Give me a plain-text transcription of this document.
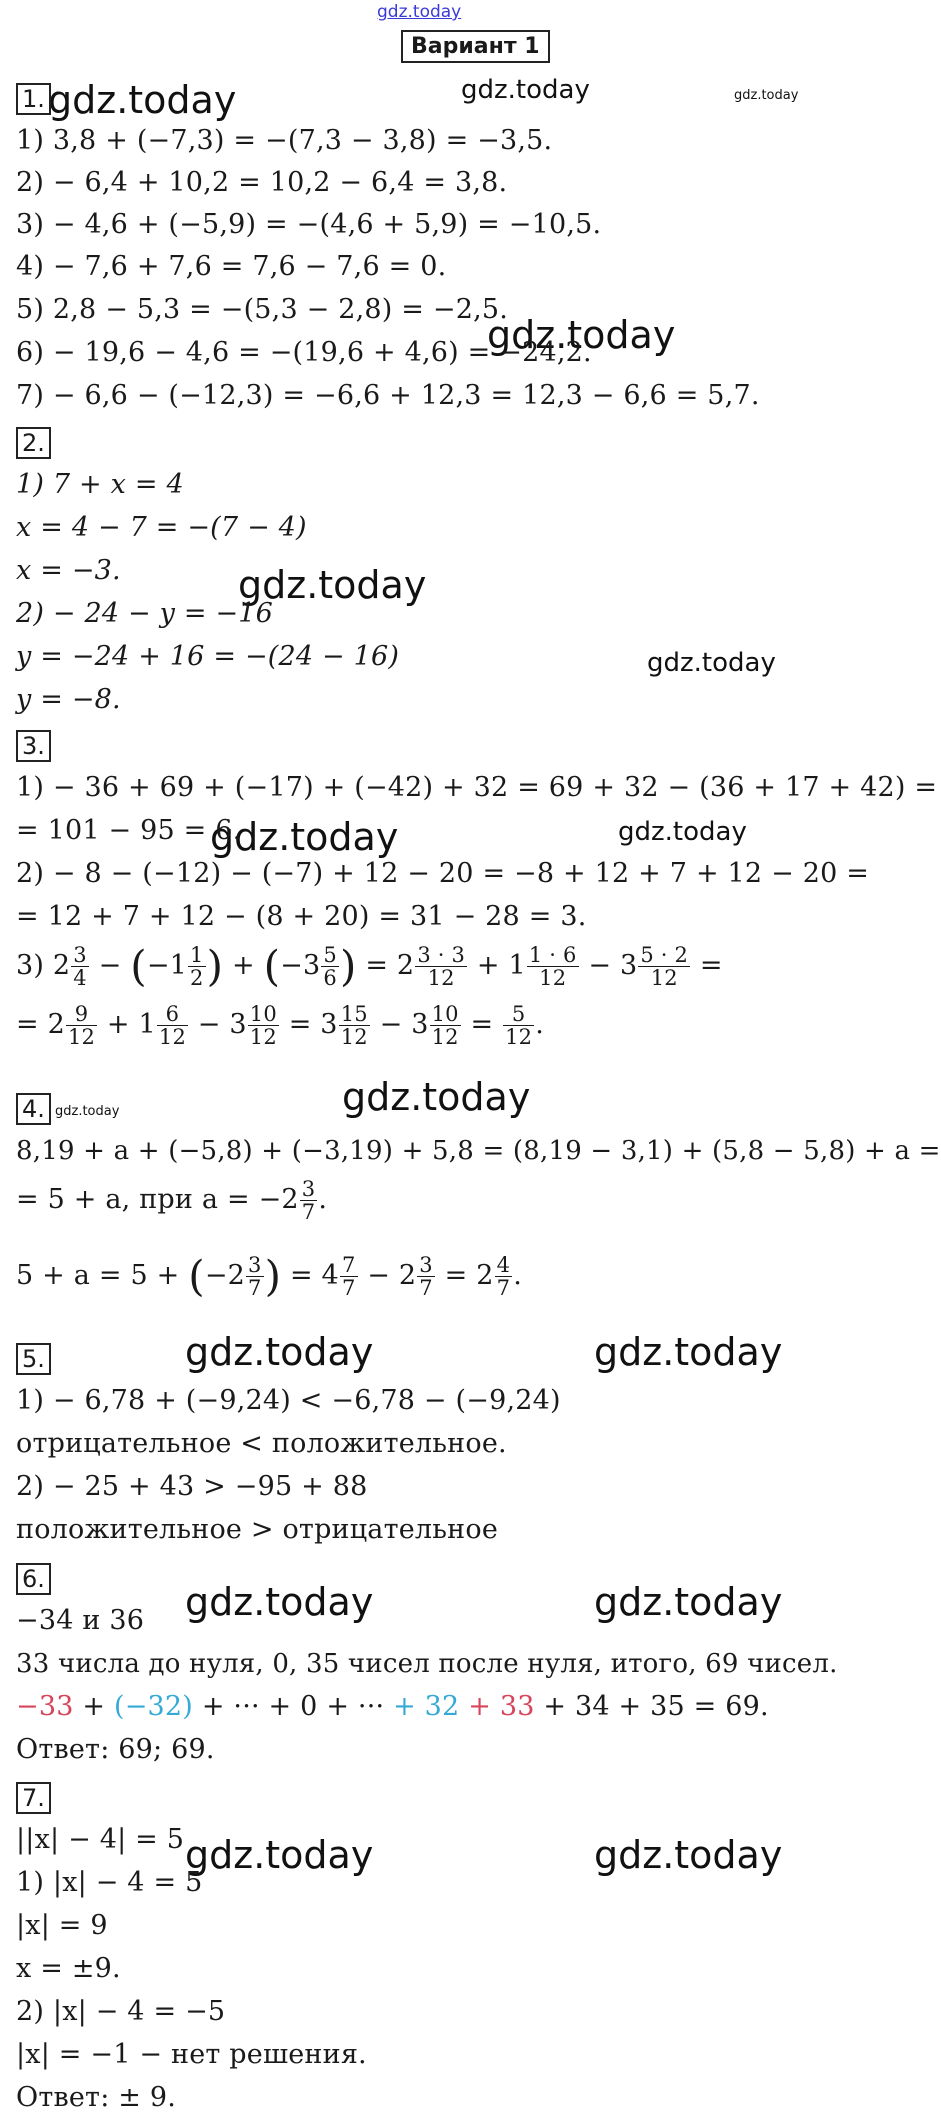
gdz.today
Вариант 1
gdz.today	gdz.today	gdz.today
gdz.today
gdz.today
gdz.today
gdz.today	gdz.today
gdz.today
gdz.today
gdz.today	gdz.today
gdz.today	gdz.today
gdz.today	gdz.today
1.
1) 3,8 + (−7,3) = −(7,3 − 3,8) = −3,5.
2) − 6,4 + 10,2 = 10,2 − 6,4 = 3,8.
3) − 4,6 + (−5,9) = −(4,6 + 5,9) = −10,5.
4) − 7,6 + 7,6 = 7,6 − 7,6 = 0.
5) 2,8 − 5,3 = −(5,3 − 2,8) = −2,5.
6) − 19,6 − 4,6 = −(19,6 + 4,6) = −24,2.
7) − 6,6 − (−12,3) = −6,6 + 12,3 = 12,3 − 6,6 = 5,7.
2.
1) 7 + x = 4
x = 4 − 7 = −(7 − 4)
x = −3.
2) − 24 − y = −16
y = −24 + 16 = −(24 − 16)
y = −8.
3.
1) − 36 + 69 + (−17) + (−42) + 32 = 69 + 32 − (36 + 17 + 42) =
= 101 − 95 = 6.
2) − 8 − (−12) − (−7) + 12 − 20 = −8 + 12 + 7 + 12 − 20 =
= 12 + 7 + 12 − (8 + 20) = 31 − 28 = 3.
3) $2 \frac{3}{4} - (-1 \frac{1}{2}$ ) + ($-3 \frac{5}{6}$ ) = $2 \frac{3 \cdot 3}{12} + 1 \frac{1 \cdot 6}{12} - 3 \frac{5 \cdot 2}{12}$ =
= $2 \frac{9}{12} + 1 \frac{6}{12} - 3 \frac{10}{12} = 3 \frac{15}{12} - 3 \frac{10}{12} = \frac{5}{12}$ .
4.
8,19 + a + (−5,8) + (−3,19) + 5,8 = (8,19 − 3,1) + (5,8 − 5,8) + a =
= 5 + a, при $a = -2 \frac{3}{7}$ .
$5 + a = 5 + (-2 \frac{3}{7}$ ) = $4 \frac{7}{7} - 2 \frac{3}{7} = 2 \frac{4}{7}$ .
5.
1) − 6,78 + (−9,24) < −6,78 − (−9,24)
отрицательное < положительное.
2) − 25 + 43 > −95 + 88
положительное > отрицательное
6.
−34 и 36
33 числа до нуля, 0, 35 чисел после нуля, итого, 69 чисел.
−33 + (−32) + ··· + 0 + ··· + 32 + 33 + 34 + 35 = 69.
Ответ: 69; 69.
7.
||x| − 4| = 5
1) |x| − 4 = 5
|x| = 9
x = ±9.
2) |x| − 4 = −5
|x| = −1 − нет решения.
Ответ: ± 9.
